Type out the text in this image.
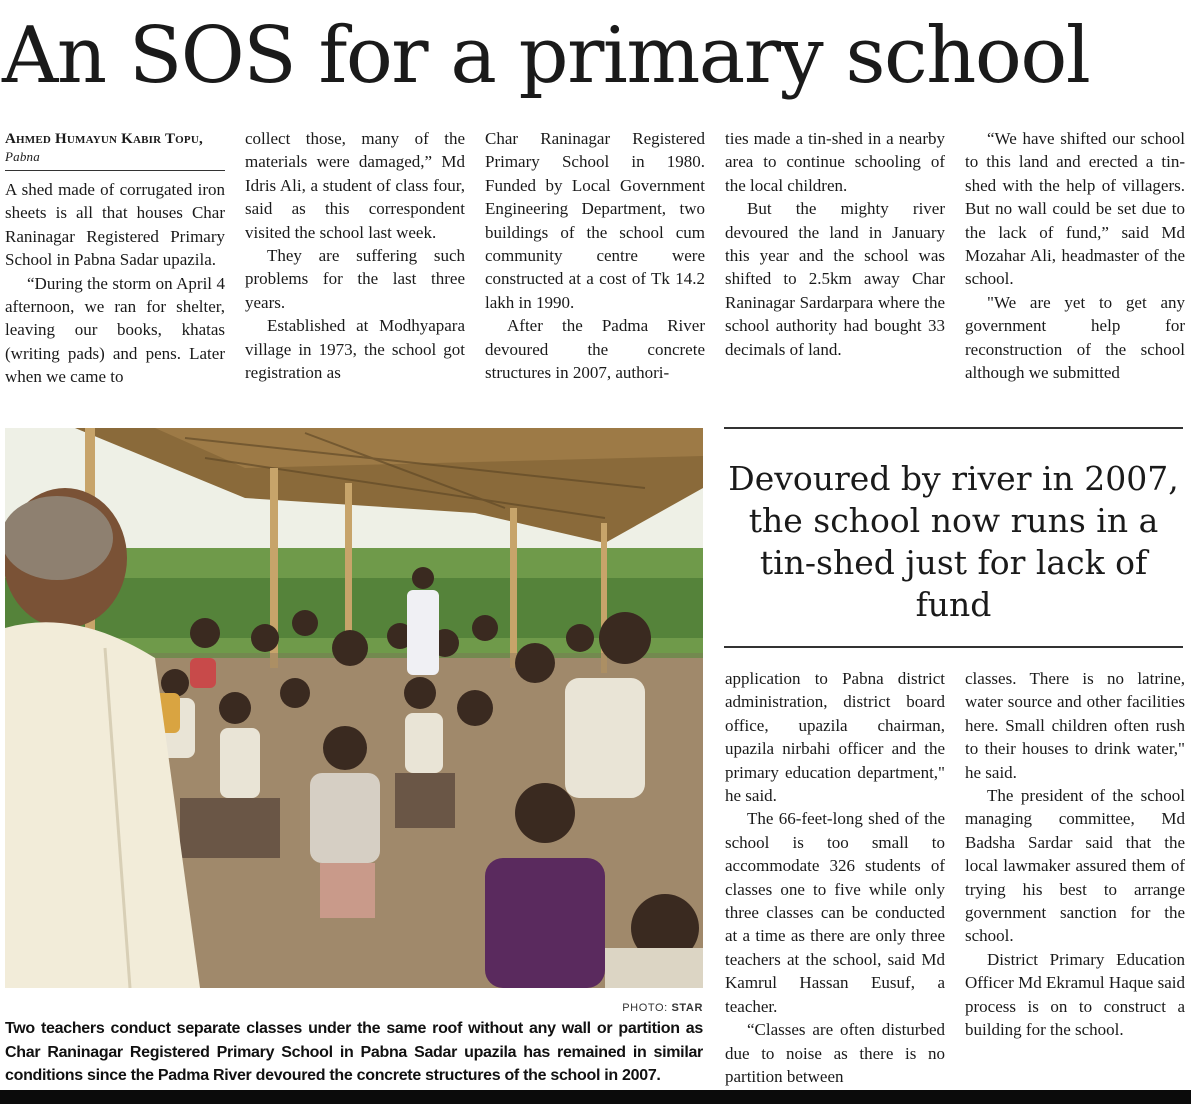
An SOS for a primary school
Ahmed Humayun Kabir Topu, Pabna

A shed made of corrugated iron sheets is all that houses Char Raninagar Registered Primary School in Pabna Sadar upazila.

“During the storm on April 4 afternoon, we ran for shelter, leaving our books, khatas (writing pads) and pens. Later when we came to

collect those, many of the materials were damaged,” Md Idris Ali, a student of class four, said as this correspondent visited the school last week.

They are suffering such problems for the last three years.

Established at Modhyapara village in 1973, the school got registration as

Char Raninagar Registered Primary School in 1980. Funded by Local Government Engineering Department, two buildings of the school cum community centre were constructed at a cost of Tk 14.2 lakh in 1990.

After the Padma River devoured the concrete structures in 2007, authori-

ties made a tin-shed in a nearby area to continue schooling of the local children.

But the mighty river devoured the land in January this year and the school was shifted to 2.5km away Char Raninagar Sardarpara where the school authority had bought 33 decimals of land.

“We have shifted our school to this land and erected a tin-shed with the help of villagers. But no wall could be set due to the lack of fund,” said Md Mozahar Ali, headmaster of the school.

"We are yet to get any government help for reconstruction of the school although we submitted

Devoured by river in 2007, the school now runs in a tin-shed just for lack of fund

application to Pabna district administration, district board office, upazila chairman, upazila nirbahi officer and the primary education department," he said.

The 66-feet-long shed of the school is too small to accommodate 326 students of classes one to five while only three classes can be conducted at a time as there are only three teachers at the school, said Md Kamrul Hassan Eusuf, a teacher.

“Classes are often disturbed due to noise as there is no partition between

classes. There is no latrine, water source and other facilities here. Small children often rush to their houses to drink water," he said.

The president of the school managing committee, Md Badsha Sardar said that the local lawmaker assured them of trying his best to arrange government sanction for the school.

District Primary Education Officer Md Ekramul Haque said process is on to construct a building for the school.

PHOTO: STAR

Two teachers conduct separate classes under the same roof without any wall or partition as Char Raninagar Registered Primary School in Pabna Sadar upazila has remained in similar conditions since the Padma River devoured the concrete structures of the school in 2007.
